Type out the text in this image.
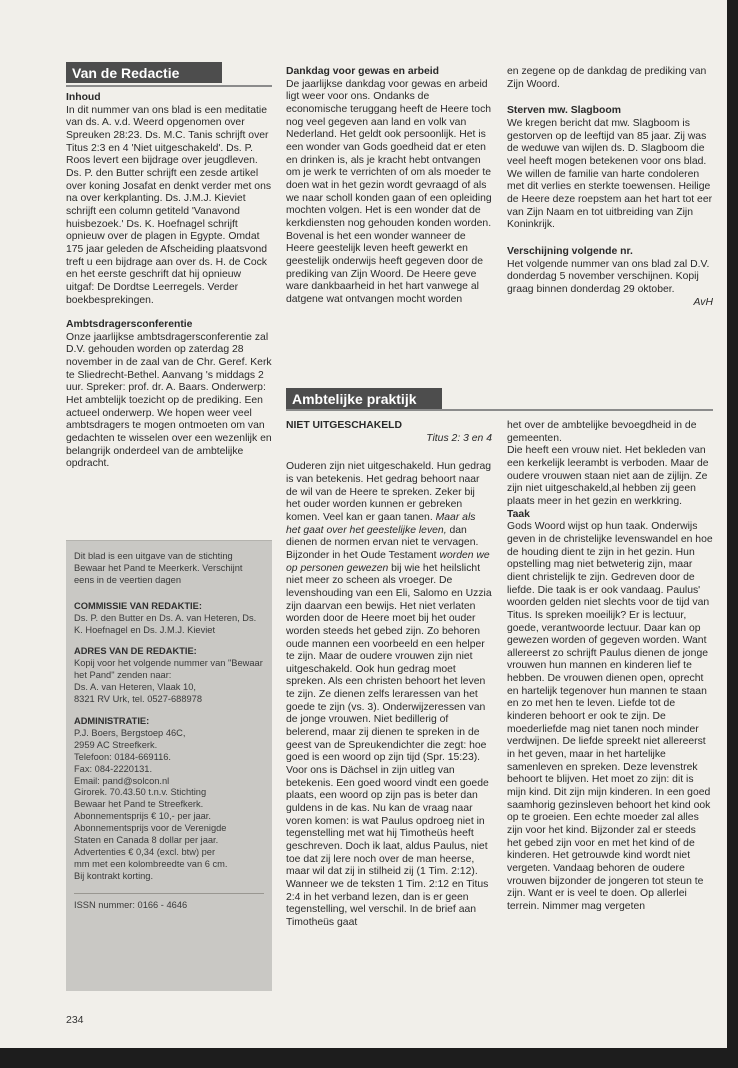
Van de Redactie
Inhoud

In dit nummer van ons blad is een meditatie van ds. A. v.d. Weerd opgenomen over Spreuken 28:23. Ds. M.C. Tanis schrijft over Titus 2:3 en 4 'Niet uitgeschakeld'. Ds. P. Roos levert een bijdrage over jeugdleven. Ds. P. den Butter schrijft een zesde artikel over koning Josafat en denkt verder met ons na over kerkplanting. Ds. J.M.J. Kieviet schrijft een column getiteld 'Vanavond huisbezoek.' Ds. K. Hoefnagel schrijft opnieuw over de plagen in Egypte. Omdat 175 jaar geleden de Afscheiding plaatsvond treft u een bijdrage aan over ds. H. de Cock en het eerste geschrift dat hij opnieuw uitgaf: De Dordtse Leerregels. Verder boekbesprekingen.

Ambtsdragersconferentie

Onze jaarlijkse ambtsdragersconferentie zal D.V. gehouden worden op zaterdag 28 november in de zaal van de Chr. Geref. Kerk te Sliedrecht-Bethel. Aanvang 's middags 2 uur. Spreker: prof. dr. A. Baars. Onderwerp: Het ambtelijk toezicht op de prediking. Een actueel onderwerp. We hopen weer veel ambtsdragers te mogen ontmoeten om van gedachten te wisselen over een wezenlijk en belangrijk onderdeel van de ambtelijke opdracht.

Dit blad is een uitgave van de stichting Bewaar het Pand te Meerkerk. Verschijnt eens in de veertien dagen
COMMISSIE VAN REDAKTIE:
Ds. P. den Butter en Ds. A. van Heteren, Ds. K. Hoefnagel en Ds. J.M.J. Kieviet
ADRES VAN DE REDAKTIE:
Kopij voor het volgende nummer van "Bewaar het Pand" zenden naar:
Ds. A. van Heteren, Vlaak 10,
8321 RV Urk, tel. 0527-688978
ADMINISTRATIE:
P.J. Boers, Bergstoep 46C,
2959 AC Streefkerk.
Telefoon: 0184-669116.
Fax: 084-2220131.
Email: pand@solcon.nl
Girorek. 70.43.50 t.n.v. Stichting
Bewaar het Pand te Streefkerk.
Abonnementsprijs € 10,- per jaar.
Abonnementsprijs voor de Verenigde
Staten en Canada 8 dollar per jaar.
Advertenties € 0,34 (excl. btw) per
mm met een kolombreedte van 6 cm.
Bij kontrakt korting.
ISSN nummer: 0166 - 4646
Dankdag voor gewas en arbeid

De jaarlijkse dankdag voor gewas en arbeid ligt weer voor ons. Ondanks de economische teruggang heeft de Heere toch nog veel gegeven aan land en volk van Nederland. Het geldt ook persoonlijk. Het is een wonder van Gods goedheid dat er eten en drinken is, als je kracht hebt ontvangen om je werk te verrichten of om als moeder te doen wat in het gezin wordt gevraagd of als we naar scholl konden gaan of een opleiding mochten volgen. Het is een wonder dat de kerkdiensten nog gehouden konden worden. Bovenal is het een wonder wanneer de Heere geestelijk leven heeft gewerkt en geestelijk onderwijs heeft gegeven door de prediking van Zijn Woord. De Heere geve ware dankbaarheid in het hart vanwege al datgene wat ontvangen mocht worden

en zegene op de dankdag de prediking van Zijn Woord.

Sterven mw. Slagboom

We kregen bericht dat mw. Slagboom is gestorven op de leeftijd van 85 jaar. Zij was de weduwe van wijlen ds. D. Slagboom die veel heeft mogen betekenen voor ons blad. We willen de familie van harte condoleren met dit verlies en sterkte toewensen. Heilige de Heere deze roepstem aan het hart tot eer van Zijn Naam en tot uitbreiding van Zijn Koninkrijk.

Verschijning volgende nr.

Het volgende nummer van ons blad zal D.V. donderdag 5 november verschijnen. Kopij graag binnen donderdag 29 oktober.

AvH
Ambtelijke praktijk
NIET UITGESCHAKELD
Titus 2: 3 en 4

Ouderen zijn niet uitgeschakeld. Hun gedrag is van betekenis. Het gedrag behoort naar de wil van de Heere te spreken. Zeker bij het ouder worden kunnen er gebreken komen. Veel kan er gaan tanen. Maar als het gaat over het geestelijke leven, dan dienen de normen ervan niet te vervagen. Bijzonder in het Oude Testament worden we op personen gewezen bij wie het heilslicht niet meer zo scheen als vroeger. De levenshouding van een Eli, Salomo en Uzzia zijn daarvan een bewijs. Het niet verlaten worden door de Heere moet bij het ouder worden steeds het gebed zijn. Zo behoren oude mannen een voorbeeld en een helper te zijn. Maar de oudere vrouwen zijn niet uitgeschakeld. Ook hun gedrag moet spreken. Als een christen behoort het leven te zijn. Ze dienen zelfs leraressen van het goede te zijn (vs. 3). Onderwijzeressen van de jonge vrouwen. Niet bedillerig of belerend, maar zij dienen te spreken in de geest van de Spreukendichter die zegt: hoe goed is een woord op zijn tijd (Spr. 15:23). Voor ons is Dächsel in zijn uitleg van betekenis. Een goed woord vindt een goede plaats, een woord op zijn pas is beter dan guldens in de kas. Nu kan de vraag naar voren komen: is wat Paulus opdroeg niet in tegenstelling met wat hij Timotheüs heeft geschreven. Doch ik laat, aldus Paulus, niet toe dat zij lere noch over de man heerse, maar wil dat zij in stilheid zij (1 Tim. 2:12). Wanneer we de teksten 1 Tim. 2:12 en Titus 2:4 in het verband lezen, dan is er geen tegenstelling, wel verschil. In de brief aan Timotheüs gaat

het over de ambtelijke bevoegdheid in de gemeenten.

Die heeft een vrouw niet. Het bekleden van een kerkelijk leerambt is verboden. Maar de oudere vrouwen staan niet aan de zijlijn. Ze zijn niet uitgeschakeld,al hebben zij geen plaats meer in het gezin en werkkring.

Taak

Gods Woord wijst op hun taak. Onderwijs geven in de christelijke levenswandel en hoe de houding dient te zijn in het gezin. Hun opstelling mag niet betweterig zijn, maar dient christelijk te zijn. Gedreven door de liefde. Die taak is er ook vandaag. Paulus' woorden gelden niet slechts voor de tijd van Titus. Is spreken moeilijk? Er is lectuur, goede, verantwoorde lectuur. Daar kan op gewezen worden of gegeven worden. Want allereerst zo schrijft Paulus dienen de jonge vrouwen hun mannen en kinderen lief te hebben. De vrouwen dienen open, oprecht en hartelijk tegenover hun mannen te staan en zo met hen te leven. Liefde tot de kinderen behoort er ook te zijn. De moederliefde mag niet tanen noch minder verdwijnen. De liefde spreekt niet allereerst in het geven, maar in het hartelijke samenleven en spreken. Deze levenstrek behoort te blijven. Het moet zo zijn: dit is mijn kind. Dit zijn mijn kinderen. In een goed saamhorig gezinsleven behoort het kind ook op te groeien. Een echte moeder zal alles zijn voor het kind. Bijzonder zal er steeds het gebed zijn voor en met het kind of de kinderen. Het getrouwde kind wordt niet vergeten. Vandaag behoren de oudere vrouwen bijzonder de jongeren tot steun te zijn. Want er is veel te doen. Op allerlei terrein. Nimmer mag vergeten

234
